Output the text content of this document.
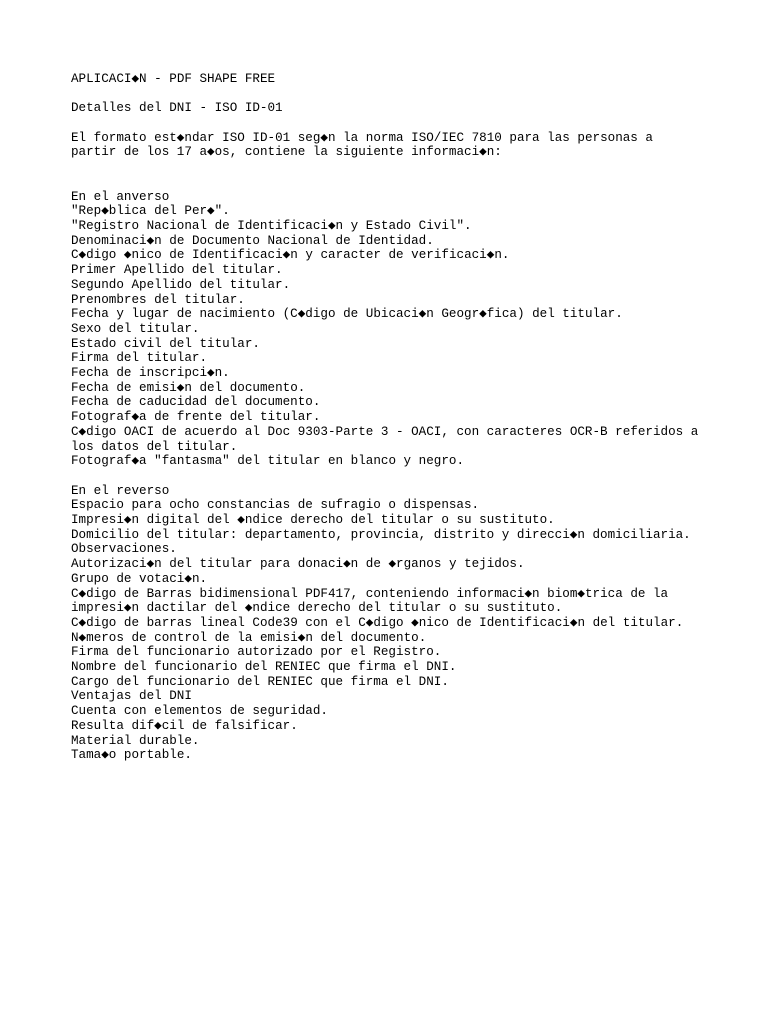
APLICACI◆N - PDF SHAPE FREE
Detalles del DNI - ISO ID-01
El formato est◆ndar ISO ID-01 seg◆n la norma ISO/IEC 7810 para las personas a
partir de los 17 a◆os, contiene la siguiente informaci◆n:
En el anverso
"Rep◆blica del Per◆".
"Registro Nacional de Identificaci◆n y Estado Civil".
Denominaci◆n de Documento Nacional de Identidad.
C◆digo ◆nico de Identificaci◆n y caracter de verificaci◆n.
Primer Apellido del titular.
Segundo Apellido del titular.
Prenombres del titular.
Fecha y lugar de nacimiento (C◆digo de Ubicaci◆n Geogr◆fica) del titular.
Sexo del titular.
Estado civil del titular.
Firma del titular.
Fecha de inscripci◆n.
Fecha de emisi◆n del documento.
Fecha de caducidad del documento.
Fotograf◆a de frente del titular.
C◆digo OACI de acuerdo al Doc 9303-Parte 3 - OACI, con caracteres OCR-B referidos a
los datos del titular.
Fotograf◆a "fantasma" del titular en blanco y negro.
En el reverso
Espacio para ocho constancias de sufragio o dispensas.
Impresi◆n digital del ◆ndice derecho del titular o su sustituto.
Domicilio del titular: departamento, provincia, distrito y direcci◆n domiciliaria.
Observaciones.
Autorizaci◆n del titular para donaci◆n de ◆rganos y tejidos.
Grupo de votaci◆n.
C◆digo de Barras bidimensional PDF417, conteniendo informaci◆n biom◆trica de la
impresi◆n dactilar del ◆ndice derecho del titular o su sustituto.
C◆digo de barras lineal Code39 con el C◆digo ◆nico de Identificaci◆n del titular.
N◆meros de control de la emisi◆n del documento.
Firma del funcionario autorizado por el Registro.
Nombre del funcionario del RENIEC que firma el DNI.
Cargo del funcionario del RENIEC que firma el DNI.
Ventajas del DNI
Cuenta con elementos de seguridad.
Resulta dif◆cil de falsificar.
Material durable.
Tama◆o portable.
